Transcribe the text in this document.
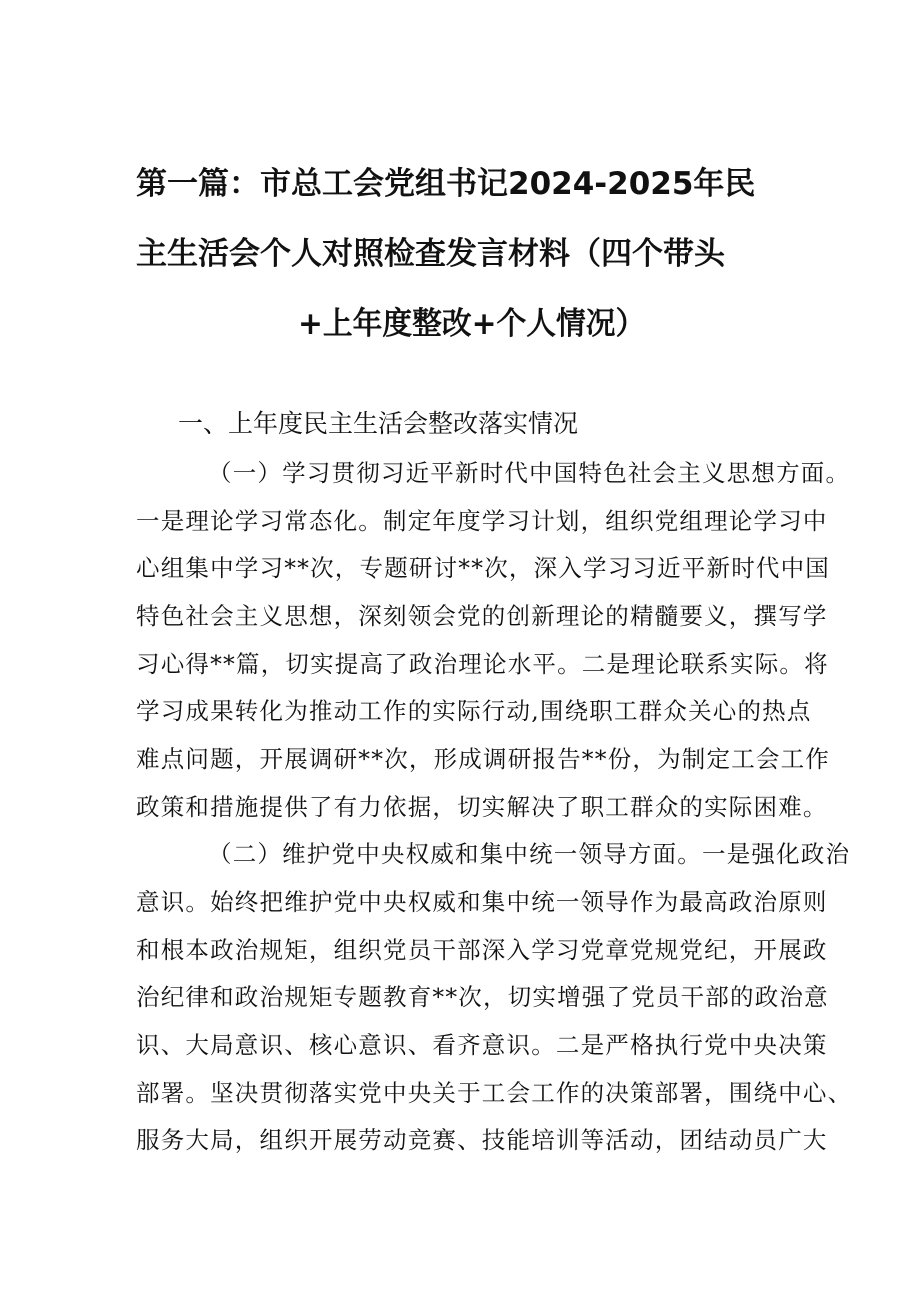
第一篇：市总工会党组书记2024-2025年民
主生活会个人对照检查发言材料（四个带头
+上年度整改+个人情况）
一、上年度民主生活会整改落实情况
（一）学习贯彻习近平新时代中国特色社会主义思想方面。
一是理论学习常态化。制定年度学习计划，组织党组理论学习中
心组集中学习**次，专题研讨**次，深入学习习近平新时代中国
特色社会主义思想，深刻领会党的创新理论的精髓要义，撰写学
习心得**篇，切实提高了政治理论水平。二是理论联系实际。将
学习成果转化为推动工作的实际行动,围绕职工群众关心的热点
难点问题，开展调研**次，形成调研报告**份，为制定工会工作
政策和措施提供了有力依据，切实解决了职工群众的实际困难。
（二）维护党中央权威和集中统一领导方面。一是强化政治
意识。始终把维护党中央权威和集中统一领导作为最高政治原则
和根本政治规矩，组织党员干部深入学习党章党规党纪，开展政
治纪律和政治规矩专题教育**次，切实增强了党员干部的政治意
识、大局意识、核心意识、看齐意识。二是严格执行党中央决策
部署。坚决贯彻落实党中央关于工会工作的决策部署，围绕中心、
服务大局，组织开展劳动竞赛、技能培训等活动，团结动员广大
